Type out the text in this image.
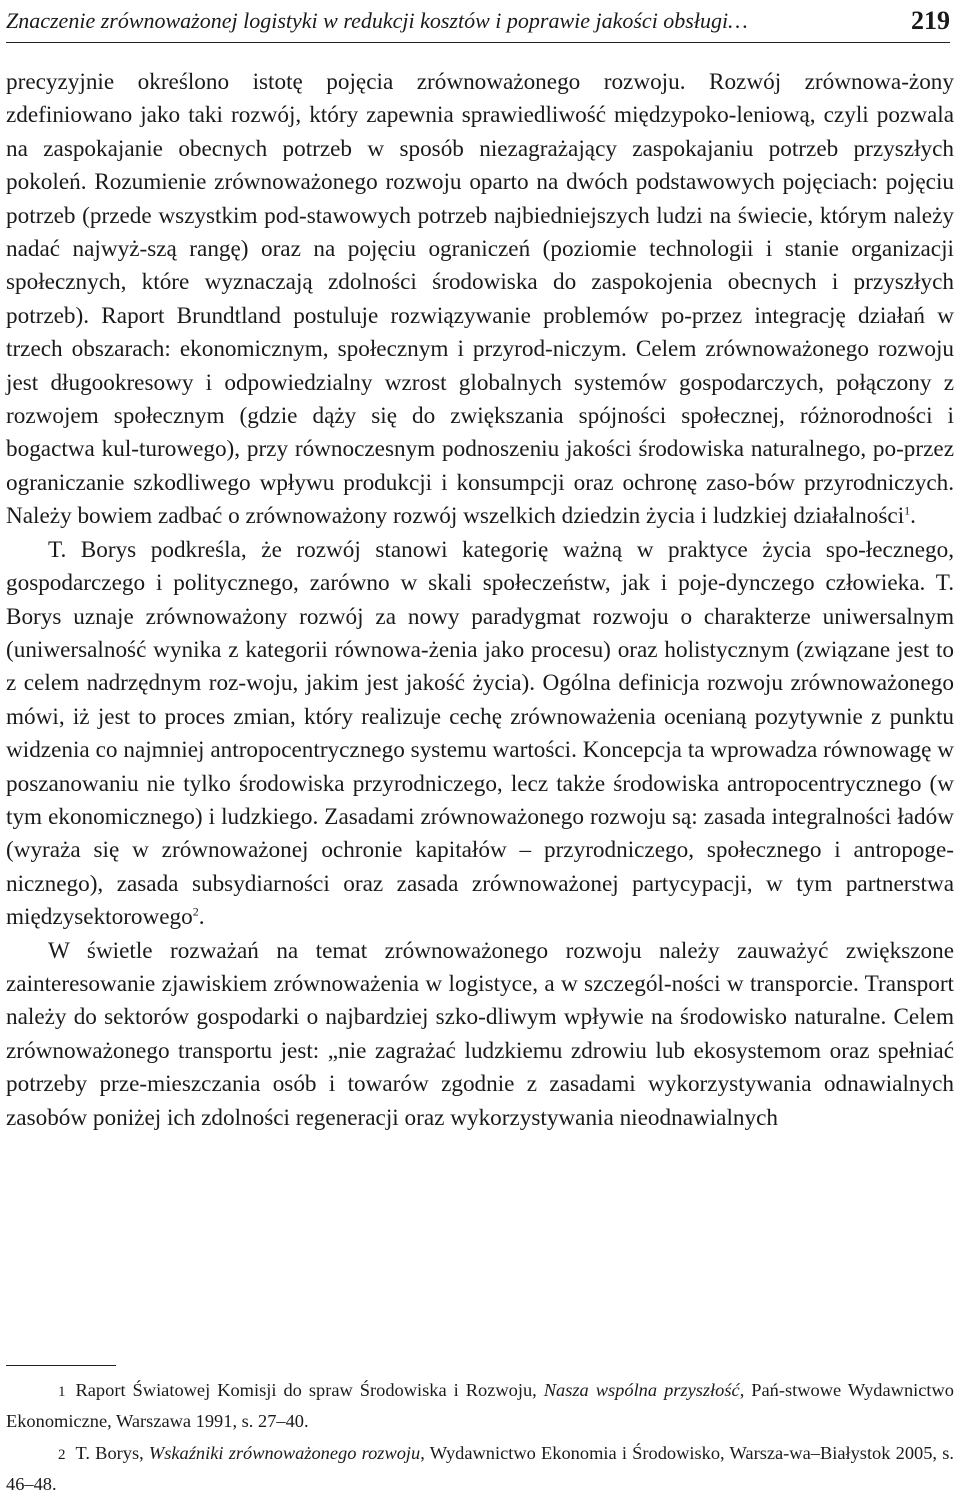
Znaczenie zrównoważonej logistyki w redukcji kosztów i poprawie jakości obsługi…	219

precyzyjnie określono istotę pojęcia zrównoważonego rozwoju. Rozwój zrównowa-żony zdefiniowano jako taki rozwój, który zapewnia sprawiedliwość międzypoko-leniową, czyli pozwala na zaspokajanie obecnych potrzeb w sposób niezagrażający zaspokajaniu potrzeb przyszłych pokoleń. Rozumienie zrównoważonego rozwoju oparto na dwóch podstawowych pojęciach: pojęciu potrzeb (przede wszystkim pod-stawowych potrzeb najbiedniejszych ludzi na świecie, którym należy nadać najwyż-szą rangę) oraz na pojęciu ograniczeń (poziomie technologii i stanie organizacji społecznych, które wyznaczają zdolności środowiska do zaspokojenia obecnych i przyszłych potrzeb). Raport Brundtland postuluje rozwiązywanie problemów po-przez integrację działań w trzech obszarach: ekonomicznym, społecznym i przyrod-niczym. Celem zrównoważonego rozwoju jest długookresowy i odpowiedzialny wzrost globalnych systemów gospodarczych, połączony z rozwojem społecznym (gdzie dąży się do zwiększania spójności społecznej, różnorodności i bogactwa kul-turowego), przy równoczesnym podnoszeniu jakości środowiska naturalnego, po-przez ograniczanie szkodliwego wpływu produkcji i konsumpcji oraz ochronę zaso-bów przyrodniczych. Należy bowiem zadbać o zrównoważony rozwój wszelkich dziedzin życia i ludzkiej działalności$^1$.

T. Borys podkreśla, że rozwój stanowi kategorię ważną w praktyce życia spo-łecznego, gospodarczego i politycznego, zarówno w skali społeczeństw, jak i poje-dynczego człowieka. T. Borys uznaje zrównoważony rozwój za nowy paradygmat rozwoju o charakterze uniwersalnym (uniwersalność wynika z kategorii równowa-żenia jako procesu) oraz holistycznym (związane jest to z celem nadrzędnym roz-woju, jakim jest jakość życia). Ogólna definicja rozwoju zrównoważonego mówi, iż jest to proces zmian, który realizuje cechę zrównoważenia ocenianą pozytywnie z punktu widzenia co najmniej antropocentrycznego systemu wartości. Koncepcja ta wprowadza równowagę w poszanowaniu nie tylko środowiska przyrodniczego, lecz także środowiska antropocentrycznego (w tym ekonomicznego) i ludzkiego. Zasadami zrównoważonego rozwoju są: zasada integralności ładów (wyraża się w zrównoważonej ochronie kapitałów – przyrodniczego, społecznego i antropoge-nicznego), zasada subsydiarności oraz zasada zrównoważonej partycypacji, w tym partnerstwa międzysektorowego$^2$.

W świetle rozważań na temat zrównoważonego rozwoju należy zauważyć zwiększone zainteresowanie zjawiskiem zrównoważenia w logistyce, a w szczegól-ności w transporcie. Transport należy do sektorów gospodarki o najbardziej szko-dliwym wpływie na środowisko naturalne. Celem zrównoważonego transportu jest: „nie zagrażać ludzkiemu zdrowiu lub ekosystemom oraz spełniać potrzeby prze-mieszczania osób i towarów zgodnie z zasadami wykorzystywania odnawialnych zasobów poniżej ich zdolności regeneracji oraz wykorzystywania nieodnawialnych

1 Raport Światowej Komisji do spraw Środowiska i Rozwoju, Nasza wspólna przyszłość, Pań-stwowe Wydawnictwo Ekonomiczne, Warszawa 1991, s. 27–40.

2 T. Borys, Wskaźniki zrównoważonego rozwoju, Wydawnictwo Ekonomia i Środowisko, Warsza-wa–Białystok 2005, s. 46–48.
